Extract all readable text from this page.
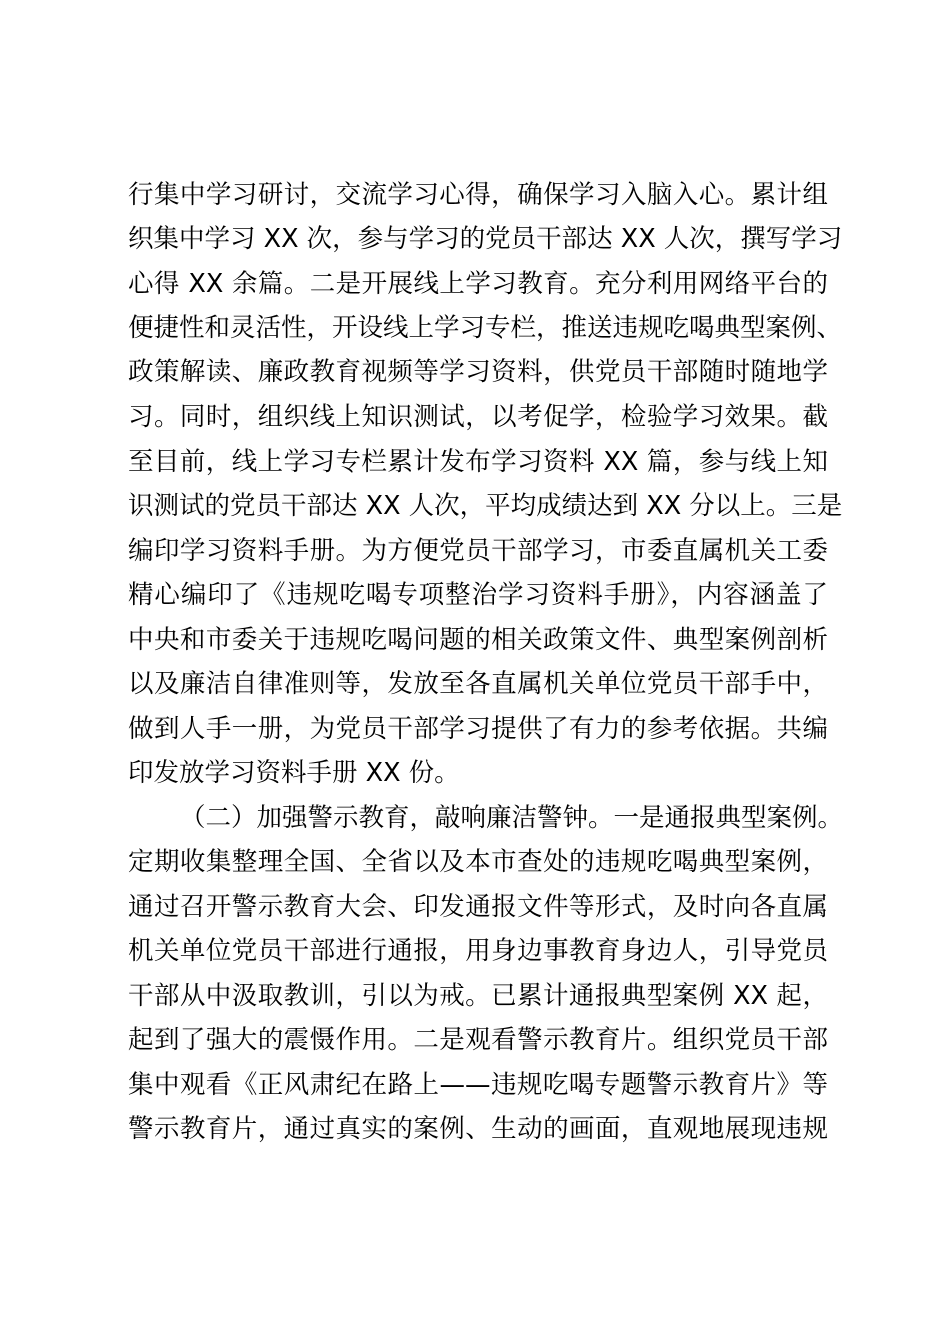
行集中学习研讨，交流学习心得，确保学习入脑入心。累计组
织集中学习 XX 次，参与学习的党员干部达 XX 人次，撰写学习
心得 XX 余篇。二是开展线上学习教育。充分利用网络平台的
便捷性和灵活性，开设线上学习专栏，推送违规吃喝典型案例、
政策解读、廉政教育视频等学习资料，供党员干部随时随地学
习。同时，组织线上知识测试，以考促学，检验学习效果。截
至目前，线上学习专栏累计发布学习资料 XX 篇，参与线上知
识测试的党员干部达 XX 人次，平均成绩达到 XX 分以上。三是
编印学习资料手册。为方便党员干部学习，市委直属机关工委
精心编印了《违规吃喝专项整治学习资料手册》，内容涵盖了
中央和市委关于违规吃喝问题的相关政策文件、典型案例剖析
以及廉洁自律准则等，发放至各直属机关单位党员干部手中，
做到人手一册，为党员干部学习提供了有力的参考依据。共编
印发放学习资料手册 XX 份。
（二）加强警示教育，敲响廉洁警钟。一是通报典型案例。
定期收集整理全国、全省以及本市查处的违规吃喝典型案例，
通过召开警示教育大会、印发通报文件等形式，及时向各直属
机关单位党员干部进行通报，用身边事教育身边人，引导党员
干部从中汲取教训，引以为戒。已累计通报典型案例 XX 起，
起到了强大的震慑作用。二是观看警示教育片。组织党员干部
集中观看《正风肃纪在路上——违规吃喝专题警示教育片》等
警示教育片，通过真实的案例、生动的画面，直观地展现违规
